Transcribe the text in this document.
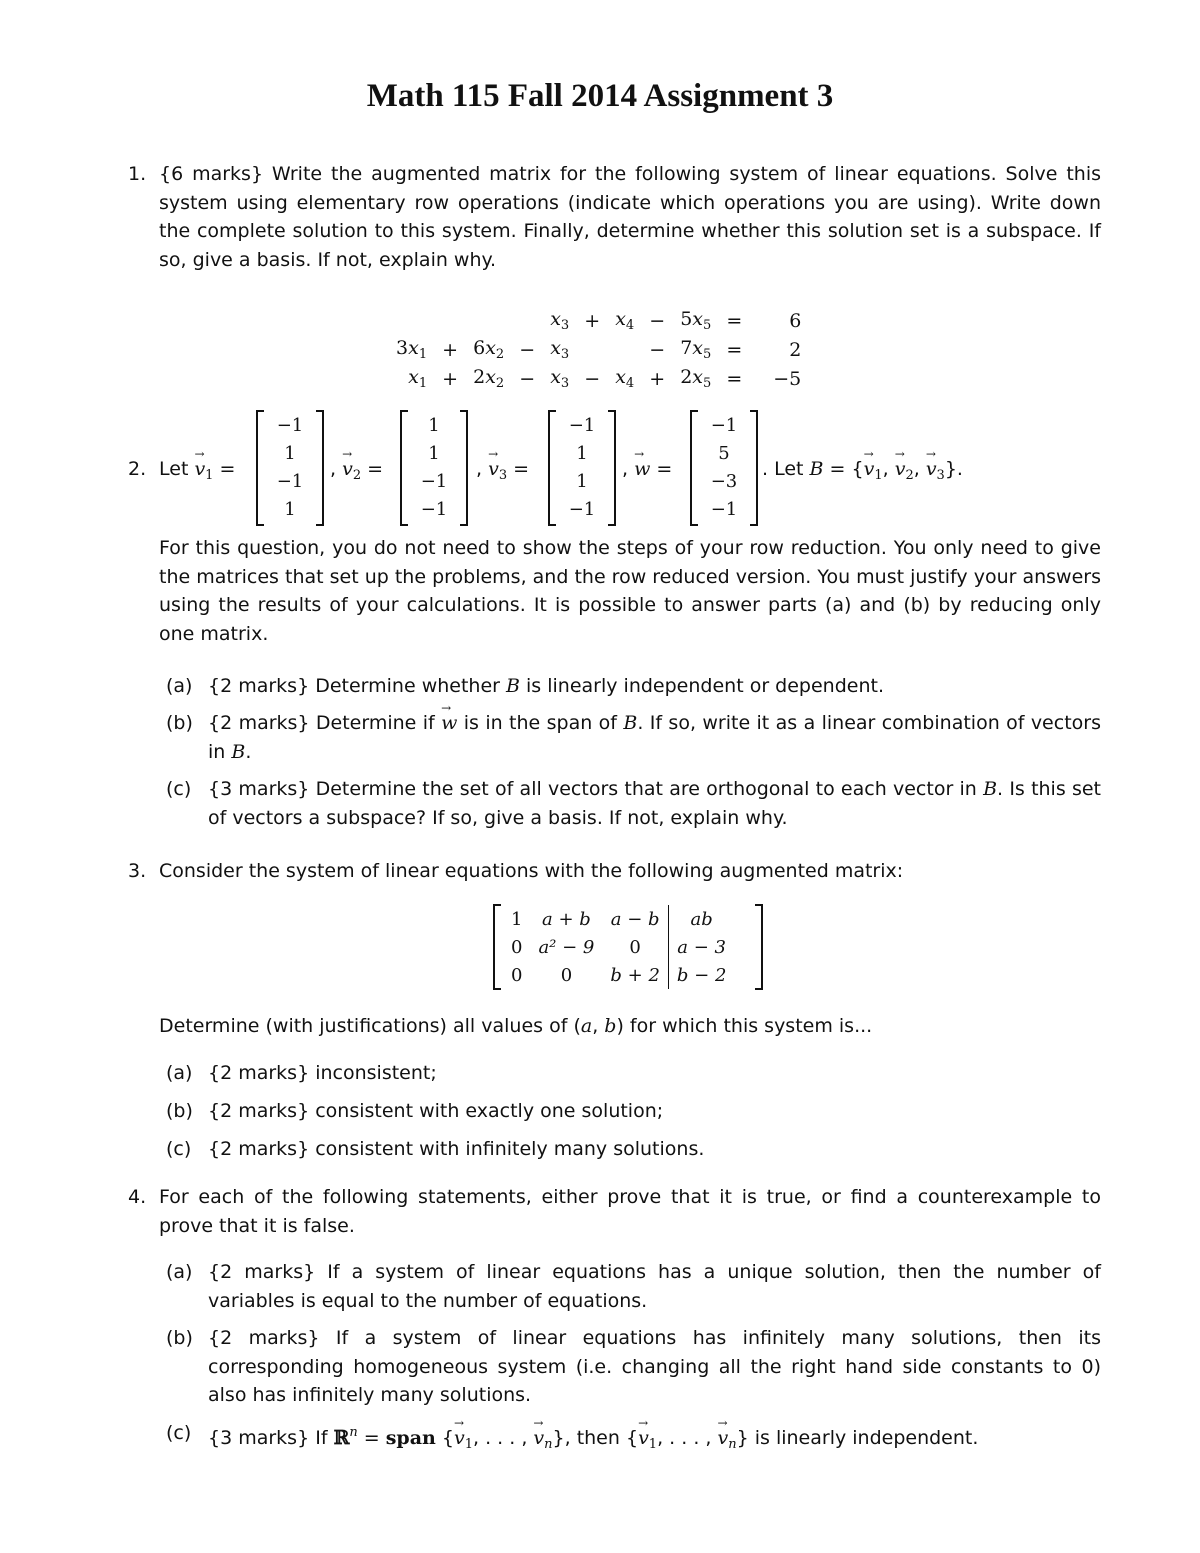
Math 115 Fall 2014 Assignment 3
1. {6 marks} Write the augmented matrix for the following system of linear equations. Solve this system using elementary row operations (indicate which operations you are using). Write down the complete solution to this system. Finally, determine whether this solution set is a subspace. If so, give a basis. If not, explain why.
				$x_3$	+	$x_4$	−	$5x_5$	=	6
$3x_1$	+	$6x_2$	−	$x_3$			−	$7x_5$	=	2
$x_1$	+	$2x_2$	−	$x_3$	−	$x_4$	+	$2x_5$	=	−5
2. Let → $v_1$ =
−1
1
−1
1
, → $v_2$ =
1
1
−1
−1
, → $v_3$ =
−1
1
1
−1
, → w =
−1
5
−3
−1
. Let B = {→ $v_1$, → $v_2$, → $v_3$}.
For this question, you do not need to show the steps of your row reduction. You only need to give the matrices that set up the problems, and the row reduced version. You must justify your answers using the results of your calculations. It is possible to answer parts (a) and (b) by reducing only one matrix.
(a) {2 marks} Determine whether B is linearly independent or dependent.
(b) {2 marks} Determine if → w is in the span of B. If so, write it as a linear combination of vectors in B.
(c) {3 marks} Determine the set of all vectors that are orthogonal to each vector in B. Is this set of vectors a subspace? If so, give a basis. If not, explain why.
3. Consider the system of linear equations with the following augmented matrix:
1	a + b	a − b	ab
0	a² − 9	0	a − 3
0	0	b + 2	b − 2
Determine (with justifications) all values of (a, b) for which this system is...
(a) {2 marks} inconsistent;
(b) {2 marks} consistent with exactly one solution;
(c) {2 marks} consistent with infinitely many solutions.
4. For each of the following statements, either prove that it is true, or find a counterexample to prove that it is false.
(a) {2 marks} If a system of linear equations has a unique solution, then the number of variables is equal to the number of equations.
(b) {2 marks} If a system of linear equations has infinitely many solutions, then its corresponding homogeneous system (i.e. changing all the right hand side constants to 0) also has infinitely many solutions.
(c) {3 marks} If ℝ$^n$ = span {→ $v_1$, . . . , → $v_n$}, then {→ $v_1$, . . . , → $v_n$} is linearly independent.
